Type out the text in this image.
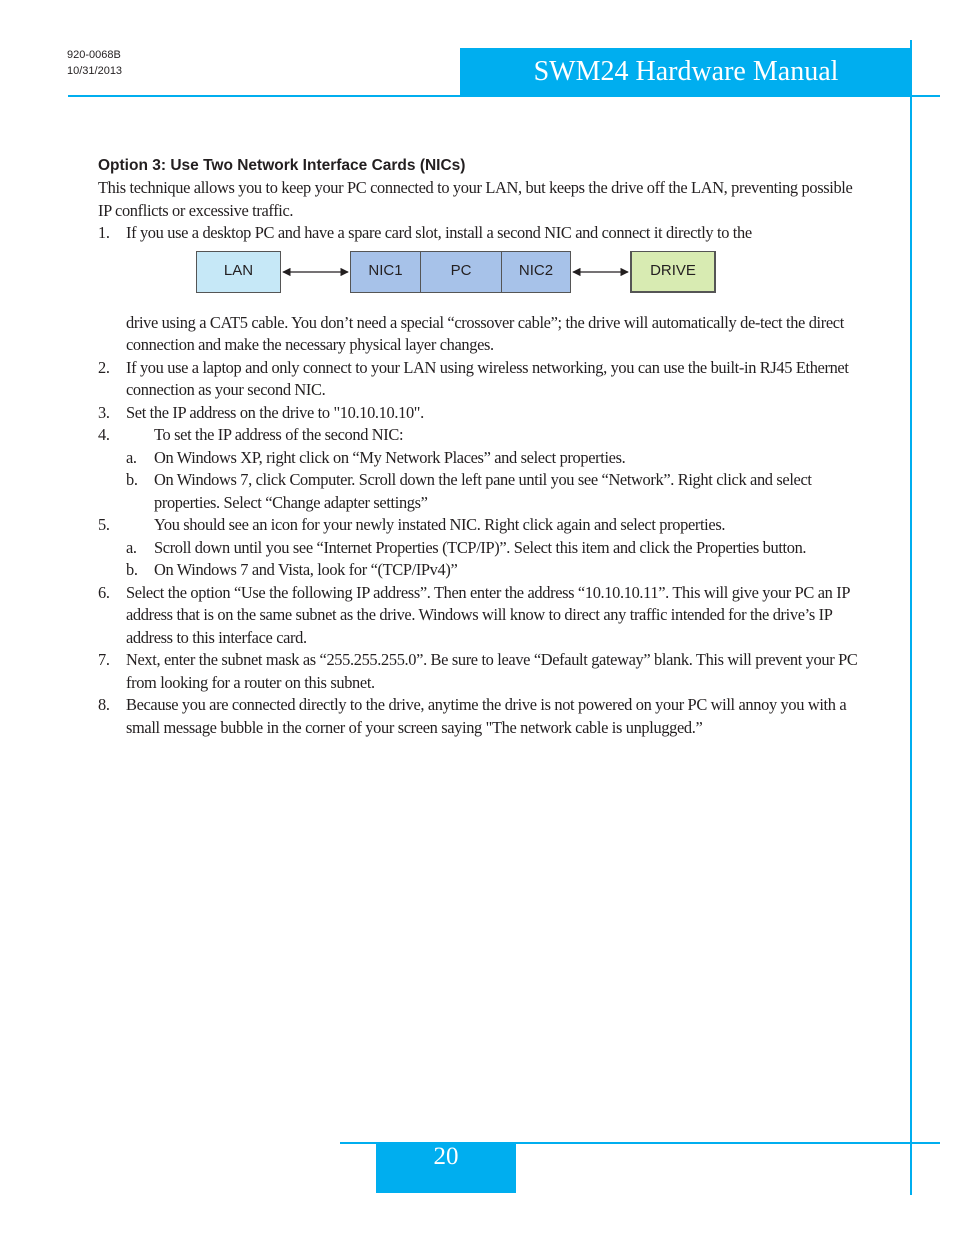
920-0068B
10/31/2013	SWM24 Hardware Manual

Option 3: Use Two Network Interface Cards (NICs)

This technique allows you to keep your PC connected to your LAN, but keeps the drive off the LAN, preventing possible IP conflicts or excessive traffic.

1.	If you use a desktop PC and have a spare card slot, install a second NIC and connect it directly to the
LAN	NIC1	PC	NIC2	DRIVE

drive using a CAT5 cable. You don’t need a special “crossover cable”; the drive will automatically de-tect the direct connection and make the necessary physical layer changes.

2.	If you use a laptop and only connect to your LAN using wireless networking, you can use the built-in RJ45 Ethernet connection as your second NIC.
3.	Set the IP address on the drive to "10.10.10.10".
4.	To set the IP address of the second NIC:
a.	On Windows XP, right click on “My Network Places” and select properties.
b.	On Windows 7, click Computer. Scroll down the left pane until you see “Network”. Right click and select properties. Select “Change adapter settings”
5.	You should see an icon for your newly instated NIC. Right click again and select properties.
a.	Scroll down until you see “Internet Properties (TCP/IP)”. Select this item and click the Properties button.
b.	On Windows 7 and Vista, look for “(TCP/IPv4)”
6.	Select the option “Use the following IP address”. Then enter the address “10.10.10.11”. This will give your PC an IP address that is on the same subnet as the drive. Windows will know to direct any traffic intended for the drive’s IP address to this interface card.
7.	Next, enter the subnet mask as “255.255.255.0”. Be sure to leave “Default gateway” blank. This will prevent your PC from looking for a router on this subnet.
8.	Because you are connected directly to the drive, anytime the drive is not powered on your PC will annoy you with a small message bubble in the corner of your screen saying "The network cable is unplugged.”
20
